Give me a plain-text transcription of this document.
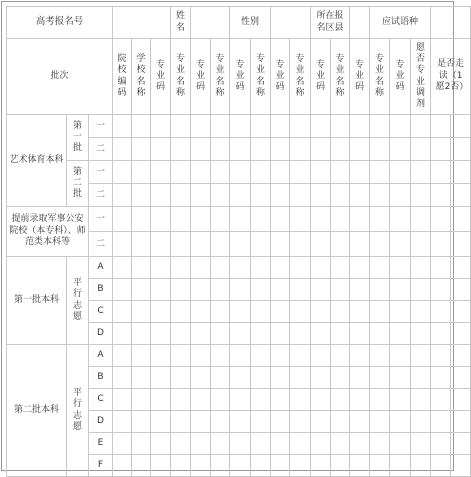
高考报名号						姓名			性别				所在报名区县			应试语种				
批次			院校编码	学校名称	专业码	专业名称	专业码	专业名称	专业码	专业名称	专业码	专业名称	专业码	专业名称	专业码	专业名称	专业码	愿否专业调剂	是否走读（1愿2否）	
艺术体育本科	第一批	一																		
		二																		
	第二批	一																		
		二																		
提前录取军事公安院校（本专科）、师范类本科等		一																		
		二																		
第一批本科	平行志愿	A																		
		B																		
		C																		
		D																		
第二批本科	平行志愿	A																		
		B																		
		C																		
		D																		
		E																		
		F																		
